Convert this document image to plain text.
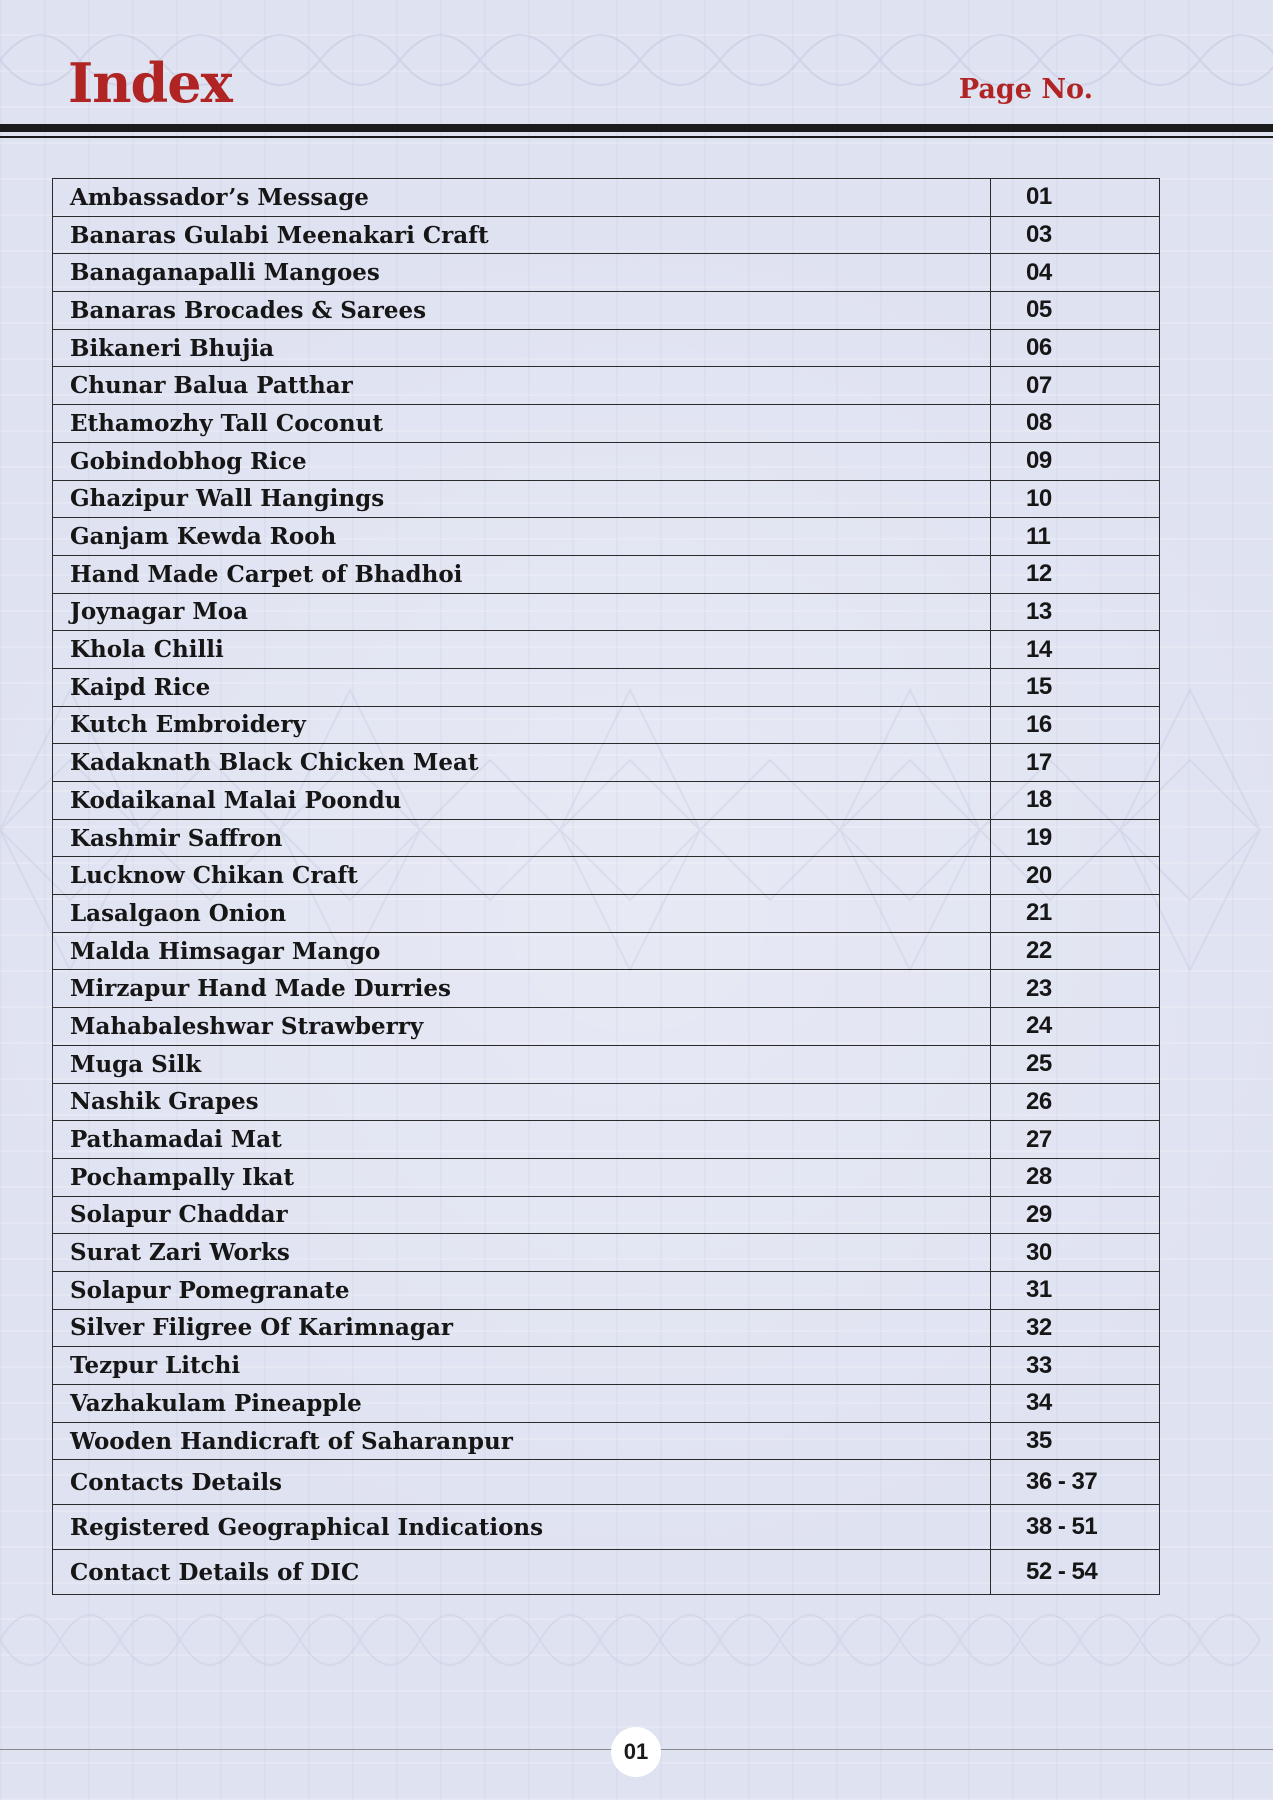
Index	Page No.
Ambassador’s Message	01
Banaras Gulabi Meenakari Craft	03
Banaganapalli Mangoes	04
Banaras Brocades & Sarees	05
Bikaneri Bhujia	06
Chunar Balua Patthar	07
Ethamozhy Tall Coconut	08
Gobindobhog Rice	09
Ghazipur Wall Hangings	10
Ganjam Kewda Rooh	11
Hand Made Carpet of Bhadhoi	12
Joynagar Moa	13
Khola Chilli	14
Kaipd Rice	15
Kutch Embroidery	16
Kadaknath Black Chicken Meat	17
Kodaikanal Malai Poondu	18
Kashmir Saffron	19
Lucknow Chikan Craft	20
Lasalgaon Onion	21
Malda Himsagar Mango	22
Mirzapur Hand Made Durries	23
Mahabaleshwar Strawberry	24
Muga Silk	25
Nashik Grapes	26
Pathamadai Mat	27
Pochampally Ikat	28
Solapur Chaddar	29
Surat Zari Works	30
Solapur Pomegranate	31
Silver Filigree Of Karimnagar	32
Tezpur Litchi	33
Vazhakulam Pineapple	34
Wooden Handicraft of Saharanpur	35
Contacts Details	36 - 37
Registered Geographical Indications	38 - 51
Contact Details of DIC	52 - 54
01
